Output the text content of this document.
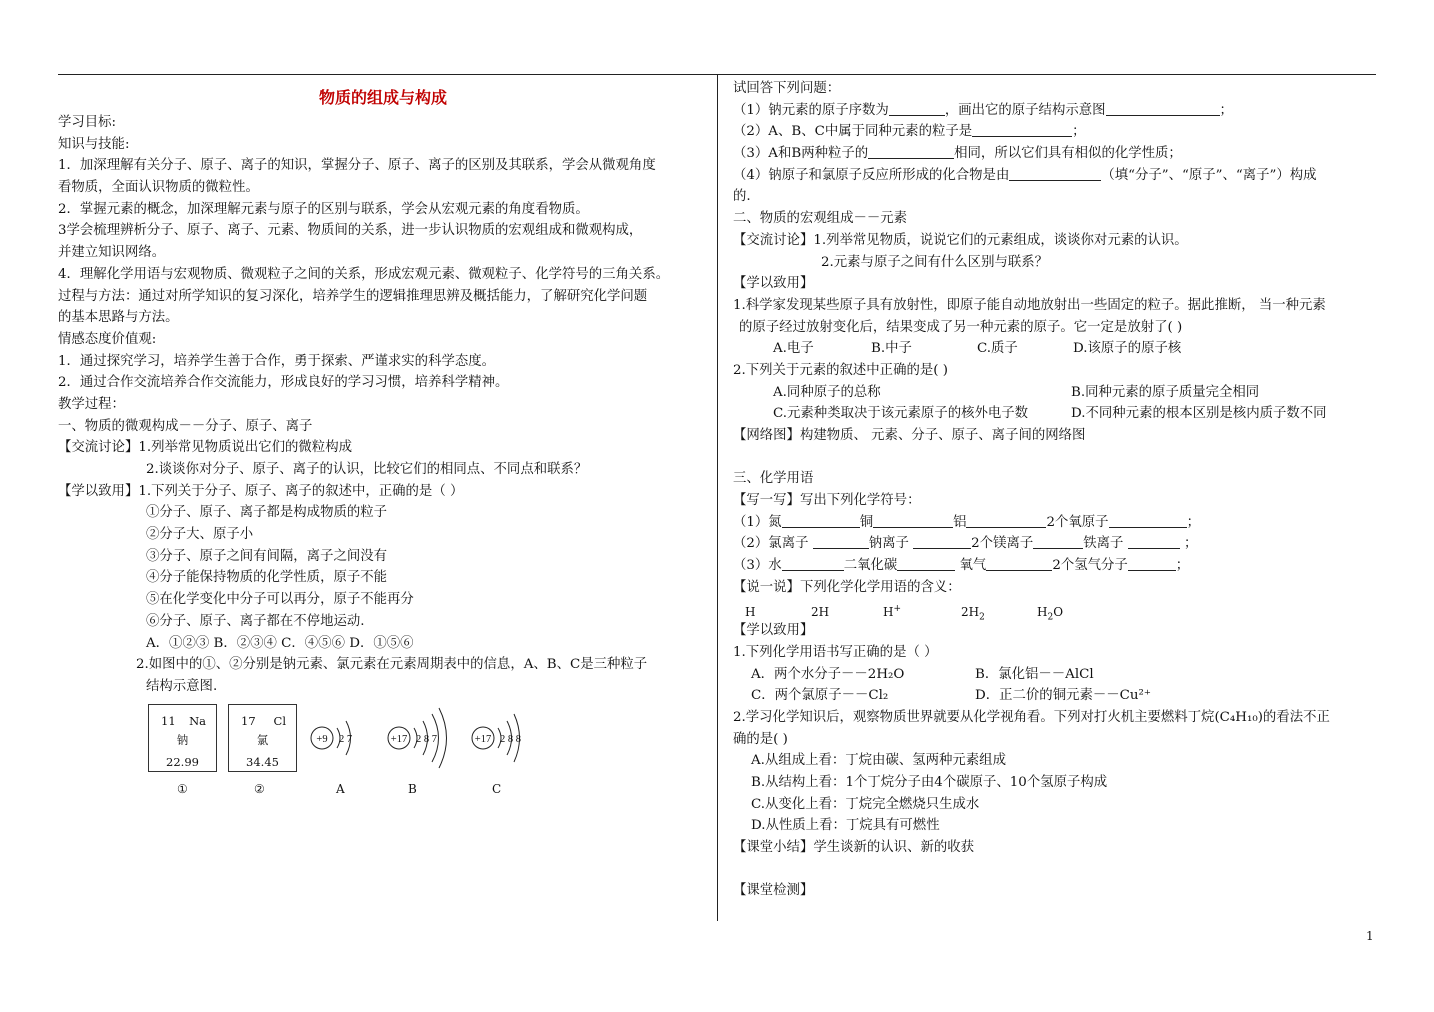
物质的组成与构成
学习目标:
知识与技能:
1．加深理解有关分子、原子、离子的知识，掌握分子、原子、离子的区别及其联系，学会从微观角度
看物质，全面认识物质的微粒性。
2．掌握元素的概念，加深理解元素与原子的区别与联系，学会从宏观元素的角度看物质。
3学会梳理辨析分子、原子、离子、元素、物质间的关系，进一步认识物质的宏观组成和微观构成，
并建立知识网络。
4．理解化学用语与宏观物质、微观粒子之间的关系，形成宏观元素、微观粒子、化学符号的三角关系。
过程与方法：通过对所学知识的复习深化，培养学生的逻辑推理思辨及概括能力，了解研究化学问题
的基本思路与方法。
情感态度价值观:
1．通过探究学习，培养学生善于合作，勇于探索、严谨求实的科学态度。
2．通过合作交流培养合作交流能力，形成良好的学习习惯，培养科学精神。
教学过程：
一、物质的微观构成－－分子、原子、离子
【交流讨论】1.列举常见物质说出它们的微粒构成
2.谈谈你对分子、原子、离子的认识，比较它们的相同点、不同点和联系？
【学以致用】1.下列关于分子、原子、离子的叙述中，正确的是（ ）
①分子、原子、离子都是构成物质的粒子
②分子大、原子小
③分子、原子之间有间隔，离子之间没有
④分子能保持物质的化学性质，原子不能
⑤在化学变化中分子可以再分，原子不能再分
⑥分子、原子、离子都在不停地运动.
A．①②③ B．②③④ C．④⑤⑥ D．①⑤⑥
2.如图中的①、②分别是钠元素、氯元素在元素周期表中的信息，A、B、C是三种粒子
结构示意图.
11 Na
钠
22.99
①
17 Cl
氯
34.45
②
+9 2 7	+17 2 8 7	+17 2 8 8
A	B	C
试回答下列问题：
（1）钠元素的原子序数为	，画出它的原子结构示意图	；
（2）A、B、C中属于同种元素的粒子是	；
（3）A和B两种粒子的	相同，所以它们具有相似的化学性质；
（4）钠原子和氯原子反应所形成的化合物是由	（填“分子”、“原子”、“离子”）构成
的.
二、物质的宏观组成－－元素
【交流讨论】1.列举常见物质，说说它们的元素组成，谈谈你对元素的认识。
2.元素与原子之间有什么区别与联系？
【学以致用】
1.科学家发现某些原子具有放射性，即原子能自动地放射出一些固定的粒子。据此推断， 当一种元素
的原子经过放射变化后，结果变成了另一种元素的原子。它一定是放射了( )
A.电子	B.中子	C.质子	D.该原子的原子核
2.下列关于元素的叙述中正确的是( )
A.同种原子的总称	B.同种元素的原子质量完全相同
C.元素种类取决于该元素原子的核外电子数	D.不同种元素的根本区别是核内质子数不同
【网络图】构建物质、 元素、分子、原子、离子间的网络图
三、化学用语
【写一写】写出下列化学符号：
（1）氮	铜	铝	2个氧原子	；
（2）氯离子	钠离子	2个镁离子	铁离子	；
（3）水	二氧化碳	氧气	2个氢气分子	；
【说一说】下列化学化学用语的含义：
H	2H	H+	$2H_2$	$H_2O$
【学以致用】
1.下列化学用语书写正确的是（ ）
A．两个水分子－－2H₂O	B．氯化铝－－AlCl
C．两个氯原子－－Cl₂	D．正二价的铜元素－－Cu²⁺
2.学习化学知识后，观察物质世界就要从化学视角看。下列对打火机主要燃料丁烷(C₄H₁₀)的看法不正
确的是( )
A.从组成上看：丁烷由碳、氢两种元素组成
B.从结构上看：1个丁烷分子由4个碳原子、10个氢原子构成
C.从变化上看：丁烷完全燃烧只生成水
D.从性质上看：丁烷具有可燃性
【课堂小结】学生谈新的认识、新的收获
【课堂检测】
1
